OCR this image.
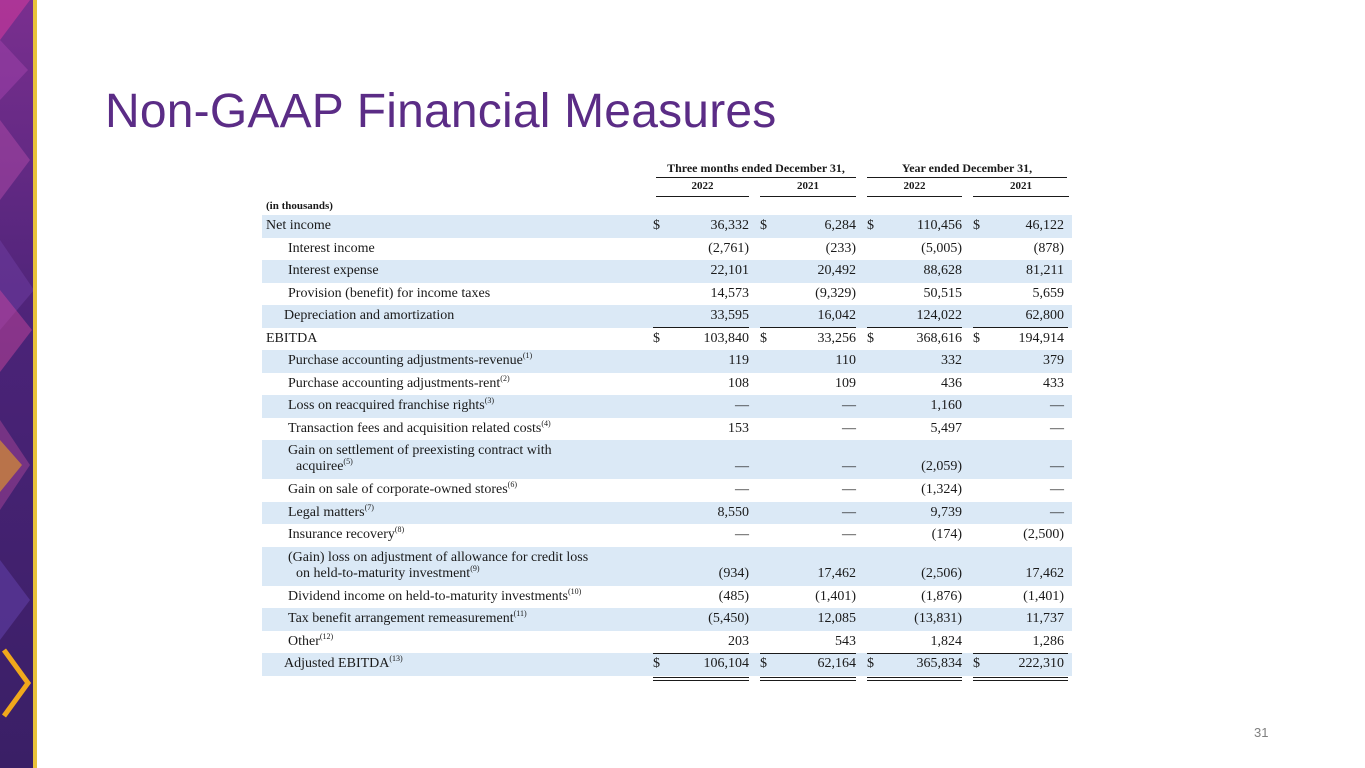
Non-GAAP Financial Measures
Three months ended December 31,	Year ended December 31,
2022	2021	2022	2021
(in thousands)
Net income	$	36,332 $	6,284 $	110,456 $	46,122
Interest income	(2,761)	(233)	(5,005)	(878)
Interest expense	22,101	20,492	88,628	81,211
Provision (benefit) for income taxes	14,573	(9,329)	50,515	5,659
Depreciation and amortization	33,595	16,042	124,022	62,800
EBITDA	$	103,840 $	33,256 $	368,616 $	194,914
Purchase accounting adjustments-revenue$^{(1)}$	119	110	332	379
Purchase accounting adjustments-rent$^{(2)}$	108	109	436	433
Loss on reacquired franchise rights$^{(3)}$	—	—	1,160	—
Transaction fees and acquisition related costs$^{(4)}$	153	—	5,497	—
Gain on settlement of preexisting contract with
acquiree$^{(5)}$	—	—	(2,059)	—
Gain on sale of corporate-owned stores$^{(6)}$	—	—	(1,324)	—
Legal matters$^{(7)}$	8,550	—	9,739	—
Insurance recovery$^{(8)}$	—	—	(174)	(2,500)
(Gain) loss on adjustment of allowance for credit loss
on held-to-maturity investment$^{(9)}$	(934)	17,462	(2,506)	17,462
Dividend income on held-to-maturity investments$^{(10)}$	(485)	(1,401)	(1,876)	(1,401)
Tax benefit arrangement remeasurement$^{(11)}$	(5,450)	12,085	(13,831)	11,737
Other$^{(12)}$	203	543	1,824	1,286
Adjusted EBITDA$^{(13)}$	$	106,104 $	62,164 $	365,834 $	222,310
31
